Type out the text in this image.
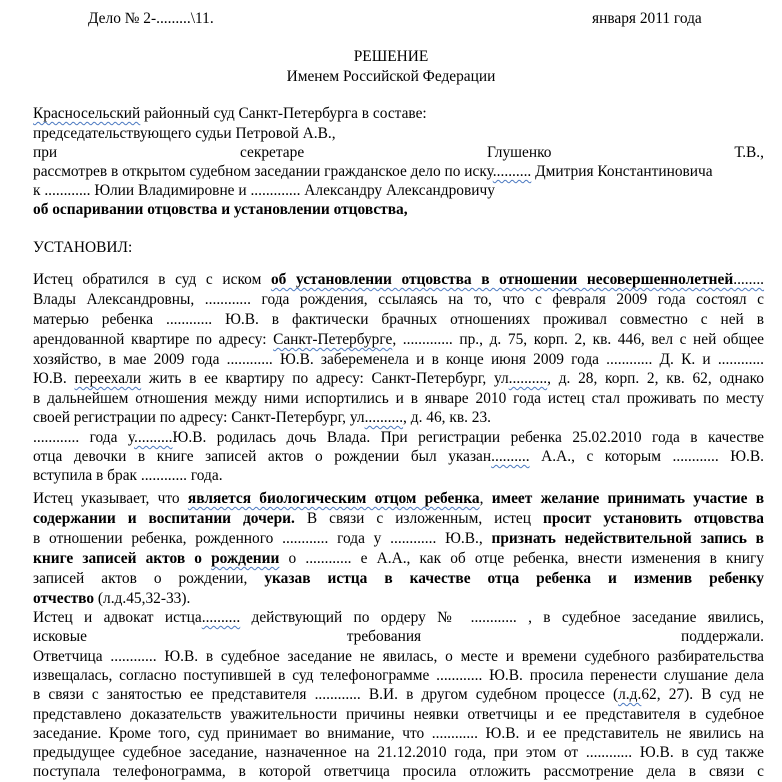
Дело № 2-.........\11.	января 2011 года
РЕШЕНИЕ
Именем Российской Федерации
Красносельский районный суд Санкт-Петербурга в составе:
председательствующего судьи Петровой А.В.,
при	секретаре	Глушенко	Т.В.,
рассмотрев в открытом судебном заседании гражданское дело по иску.......... Дмитрия Константиновича
к ............ Юлии Владимировне и ............. Александру Александровичу
об оспаривании отцовства и установлении отцовства,
УСТАНОВИЛ:
Истец обратился в суд с иском об установлении отцовства в отношении несовершеннолетней........
Влады Александровны, ............ года рождения, ссылаясь на то, что с февраля 2009 года состоял с
матерью ребенка ............ Ю.В. в фактически брачных отношениях проживал совместно с ней в
арендованной квартире по адресу: Санкт-Петербурге, ............. пр., д. 75, корп. 2, кв. 446, вел с ней общее
хозяйство, в мае 2009 года ............ Ю.В. забеременела и в конце июня 2009 года ............ Д. К. и ............
Ю.В. переехали жить в ее квартиру по адресу: Санкт-Петербург, ул.........., д. 28, корп. 2, кв. 62, однако
в дальнейшем отношения между ними испортились и в январе 2010 года истец стал проживать по месту
своей регистрации по адресу: Санкт-Петербург, ул.........., д. 46, кв. 23.
............ года у..........Ю.В. родилась дочь Влада. При регистрации ребенка 25.02.2010 года в качестве
отца девочки в книге записей актов о рождении был указан.......... А.А., с которым ............ Ю.В.
вступила в брак ............ года.
Истец указывает, что является биологическим отцом ребенка, имеет желание принимать участие в
содержании и воспитании дочери. В связи с изложенным, истец просит установить отцовства
в отношении ребенка, рожденного ............ года у ............ Ю.В., признать недействительной запись в
книге записей актов о рождении о ............ е А.А., как об отце ребенка, внести изменения в книгу
записей актов о рождении, указав истца в качестве отца ребенка и изменив ребенку
отчество (л.д.45,32-33).
Истец и адвокат истца.......... действующий по ордеру № ............ , в судебное заседание явились,
исковые	требования	поддержали.
Ответчица ............ Ю.В. в судебное заседание не явилась, о месте и времени судебного разбирательства
извещалась, согласно поступившей в суд телефонограмме ............ Ю.В. просила перенести слушание дела
в связи с занятостью ее представителя ............ В.И. в другом судебном процессе (л.д.62, 27). В суд не
представлено доказательств уважительности причины неявки ответчицы и ее представителя в судебное
заседание. Кроме того, суд принимает во внимание, что ............ Ю.В. и ее представитель не явились на
предыдущее судебное заседание, назначенное на 21.12.2010 года, при этом от ............ Ю.В. в суд также
поступала телефонограмма, в которой ответчица просила отложить рассмотрение дела в связи с
